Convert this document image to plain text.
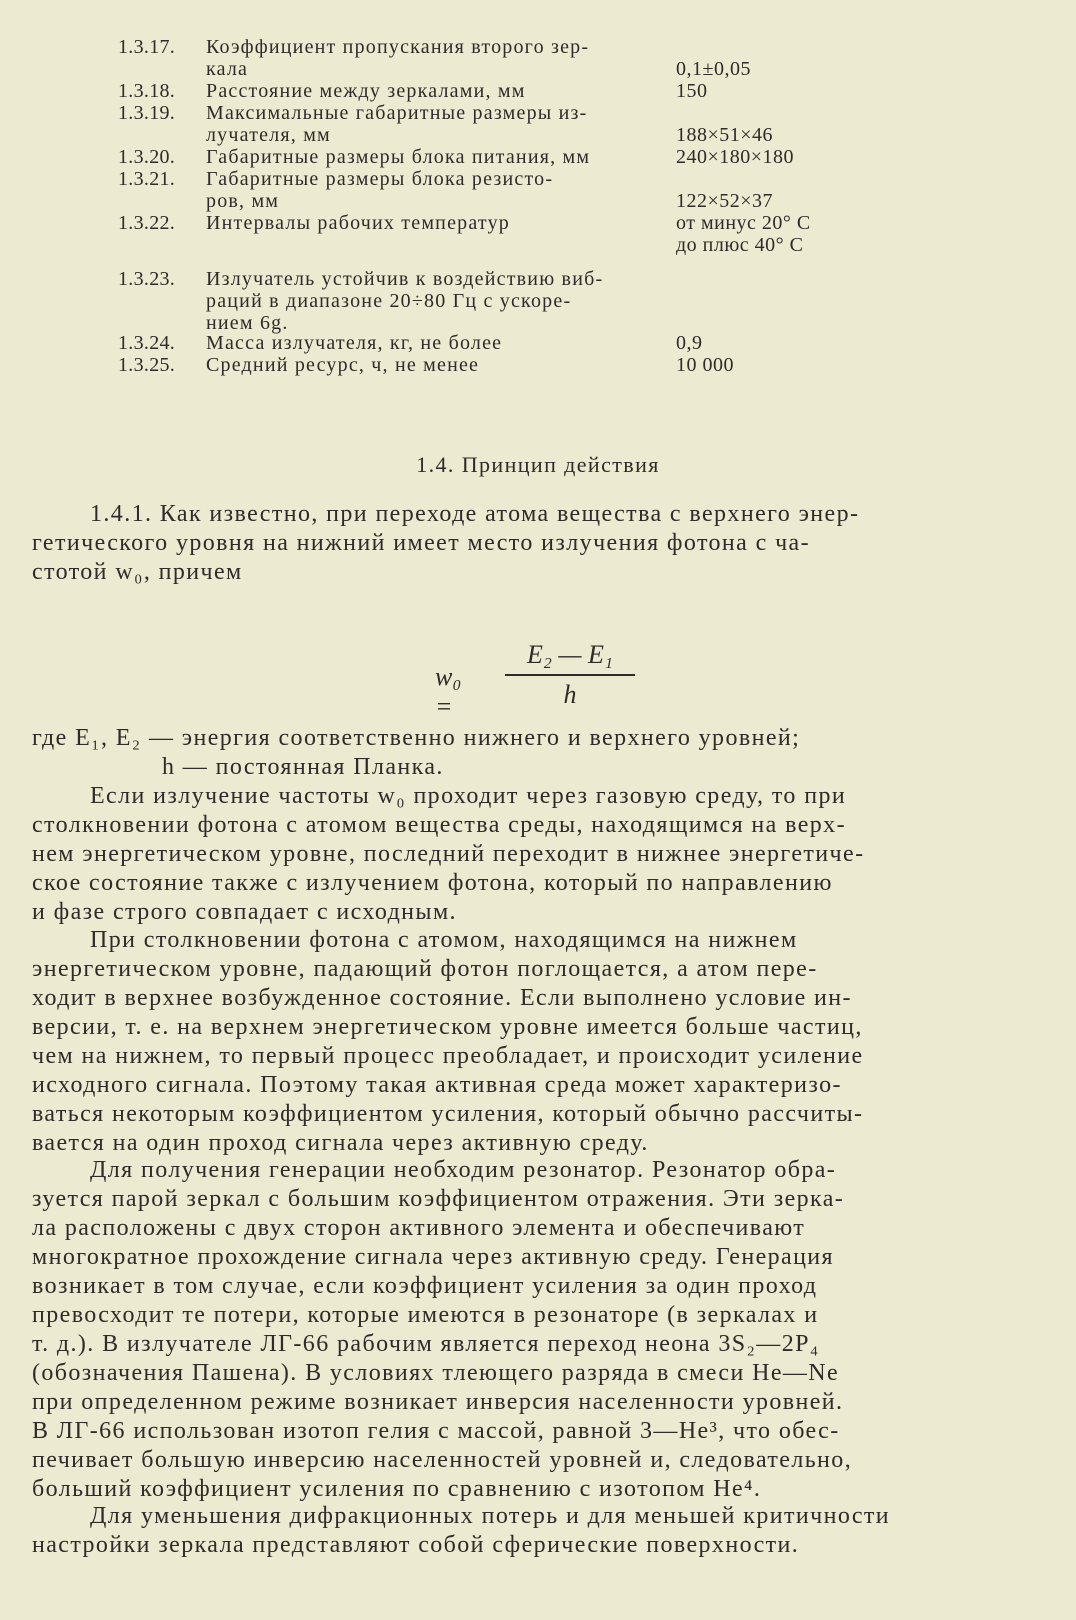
1.3.17.	Коэффициент пропускания второго зер-
кала	0,1±0,05
1.3.18.	Расстояние между зеркалами, мм	150
1.3.19.	Максимальные габаритные размеры из-
лучателя, мм	188×51×46
1.3.20.	Габаритные размеры блока питания, мм	240×180×180
1.3.21.	Габаритные размеры блока резисто-
ров, мм	122×52×37
1.3.22.	Интервалы рабочих температур	от минус 20° С
до плюс 40° С
1.3.23.	Излучатель устойчив к воздействию виб-
раций в диапазоне 20÷80 Гц с ускоре-
нием 6g.
1.3.24.	Масса излучателя, кг, не более	0,9
1.3.25.	Средний ресурс, ч, не менее	10 000
1.4. Принцип действия
1.4.1. Как известно, при переходе атома вещества с верхнего энер-
гетического уровня на нижний имеет место излучения фотона с ча-
стотой w₀, причем
w₀ =	$\frac{\text{E₂ — E₁}}{h}$
где E₁, E₂ — энергия соответственно нижнего и верхнего уровней;
h — постоянная Планка.
Если излучение частоты w₀ проходит через газовую среду, то при
столкновении фотона с атомом вещества среды, находящимся на верх-
нем энергетическом уровне, последний переходит в нижнее энергетиче-
ское состояние также с излучением фотона, который по направлению
и фазе строго совпадает с исходным.
При столкновении фотона с атомом, находящимся на нижнем
энергетическом уровне, падающий фотон поглощается, а атом пере-
ходит в верхнее возбужденное состояние. Если выполнено условие ин-
версии, т. е. на верхнем энергетическом уровне имеется больше частиц,
чем на нижнем, то первый процесс преобладает, и происходит усиление
исходного сигнала. Поэтому такая активная среда может характеризо-
ваться некоторым коэффициентом усиления, который обычно рассчиты-
вается на один проход сигнала через активную среду.
Для получения генерации необходим резонатор. Резонатор обра-
зуется парой зеркал с большим коэффициентом отражения. Эти зерка-
ла расположены с двух сторон активного элемента и обеспечивают
многократное прохождение сигнала через активную среду. Генерация
возникает в том случае, если коэффициент усиления за один проход
превосходит те потери, которые имеются в резонаторе (в зеркалах и
т. д.). В излучателе ЛГ-66 рабочим является переход неона 3S₂—2P₄
(обозначения Пашена). В условиях тлеющего разряда в смеси He—Ne
при определенном режиме возникает инверсия населенности уровней.
В ЛГ-66 использован изотоп гелия с массой, равной 3—He³, что обес-
печивает большую инверсию населенностей уровней и, следовательно,
больший коэффициент усиления по сравнению с изотопом He⁴.
Для уменьшения дифракционных потерь и для меньшей критичности
настройки зеркала представляют собой сферические поверхности.
